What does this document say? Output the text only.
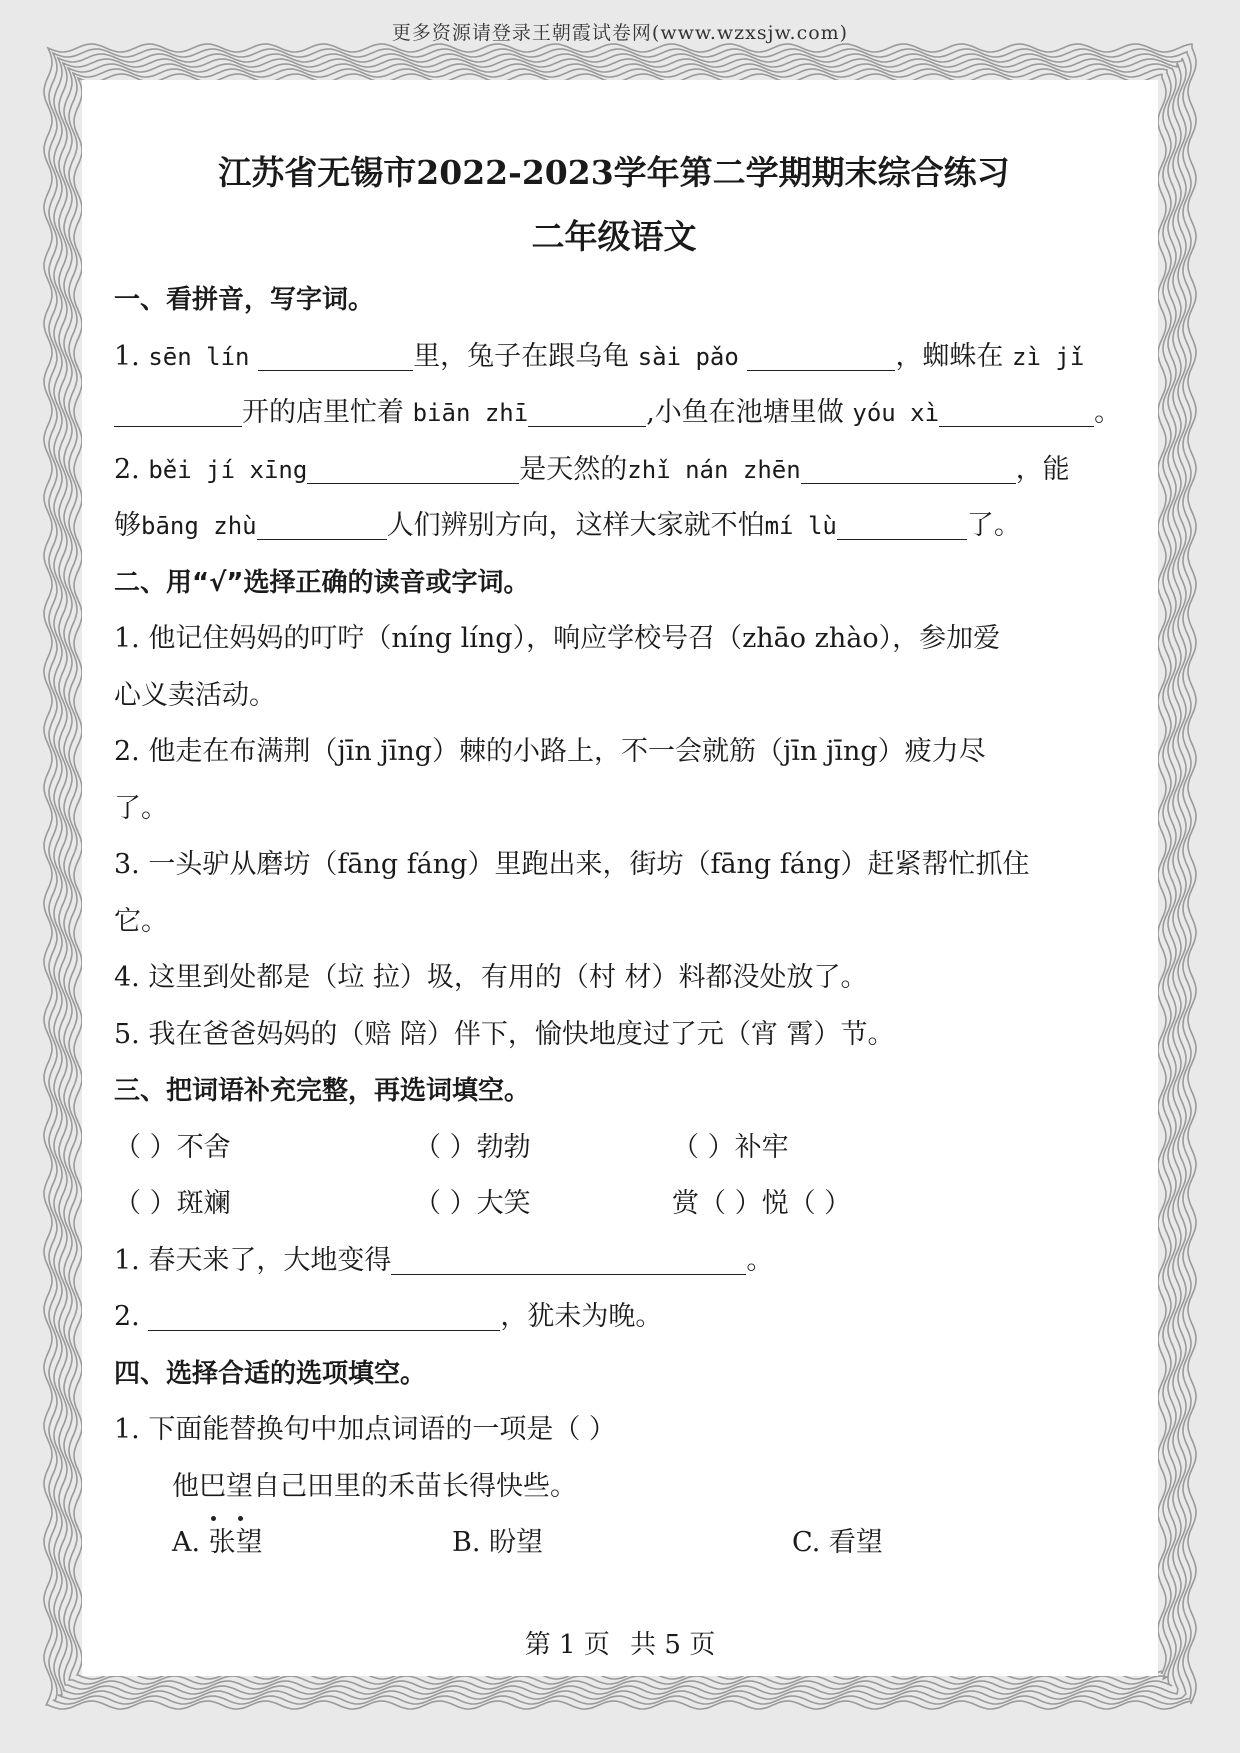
更多资源请登录王朝霞试卷网(www.wzxsjw.com)
江苏省无锡市2022-2023学年第二学期期末综合练习
二年级语文
一、看拼音，写字词。
1. sēn lín	里，兔子在跟乌龟 sài pǎo	，蜘蛛在 zì jǐ
开的店里忙着 biān zhī	,小鱼在池塘里做 yóu xì	。
2. běi jí xīng	是天然的zhǐ nán zhēn	，能
够bāng zhù	人们辨别方向，这样大家就不怕mí lù	了。
二、用“√”选择正确的读音或字词。
1. 他记住妈妈的叮咛（níng líng），响应学校号召（zhāo zhào），参加爱
心义卖活动。
2. 他走在布满荆（jīn jīng）棘的小路上，不一会就筋（jīn jīng）疲力尽
了。
3. 一头驴从磨坊（fāng fáng）里跑出来，街坊（fāng fáng）赶紧帮忙抓住
它。
4. 这里到处都是（垃 拉）圾，有用的（村 材）料都没处放了。
5. 我在爸爸妈妈的（赔 陪）伴下，愉快地度过了元（宵 霄）节。
三、把词语补充完整，再选词填空。
（ ）不舍	（ ）勃勃	（ ）补牢
（ ）斑斓	（ ）大笑	赏（ ）悦（ ）
1. 春天来了，大地变得	。
2.	，犹未为晚。
四、选择合适的选项填空。
1. 下面能替换句中加点词语的一项是（ ）
他巴望自己田里的禾苗长得快些。
A. 张望	B. 盼望	C. 看望
第 1 页 共 5 页
